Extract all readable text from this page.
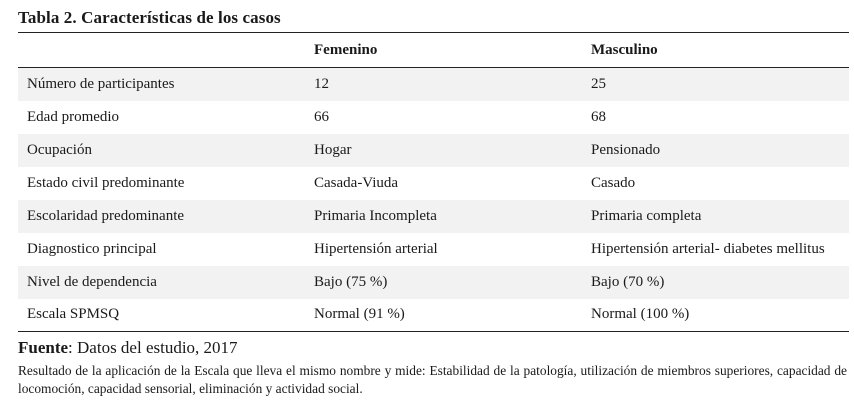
Tabla 2. Características de los casos
	Femenino	Masculino
Número de participantes	12	25
Edad promedio	66	68
Ocupación	Hogar	Pensionado
Estado civil predominante	Casada-Viuda	Casado
Escolaridad predominante	Primaria Incompleta	Primaria completa
Diagnostico principal	Hipertensión arterial	Hipertensión arterial- diabetes mellitus
Nivel de dependencia	Bajo (75 %)	Bajo (70 %)
Escala SPMSQ	Normal (91 %)	Normal (100 %)
Fuente: Datos del estudio, 2017
Resultado de la aplicación de la Escala que lleva el mismo nombre y mide: Estabilidad de la patología, utilización de miembros superiores, capacidad de locomoción, capacidad sensorial, eliminación y actividad social.
